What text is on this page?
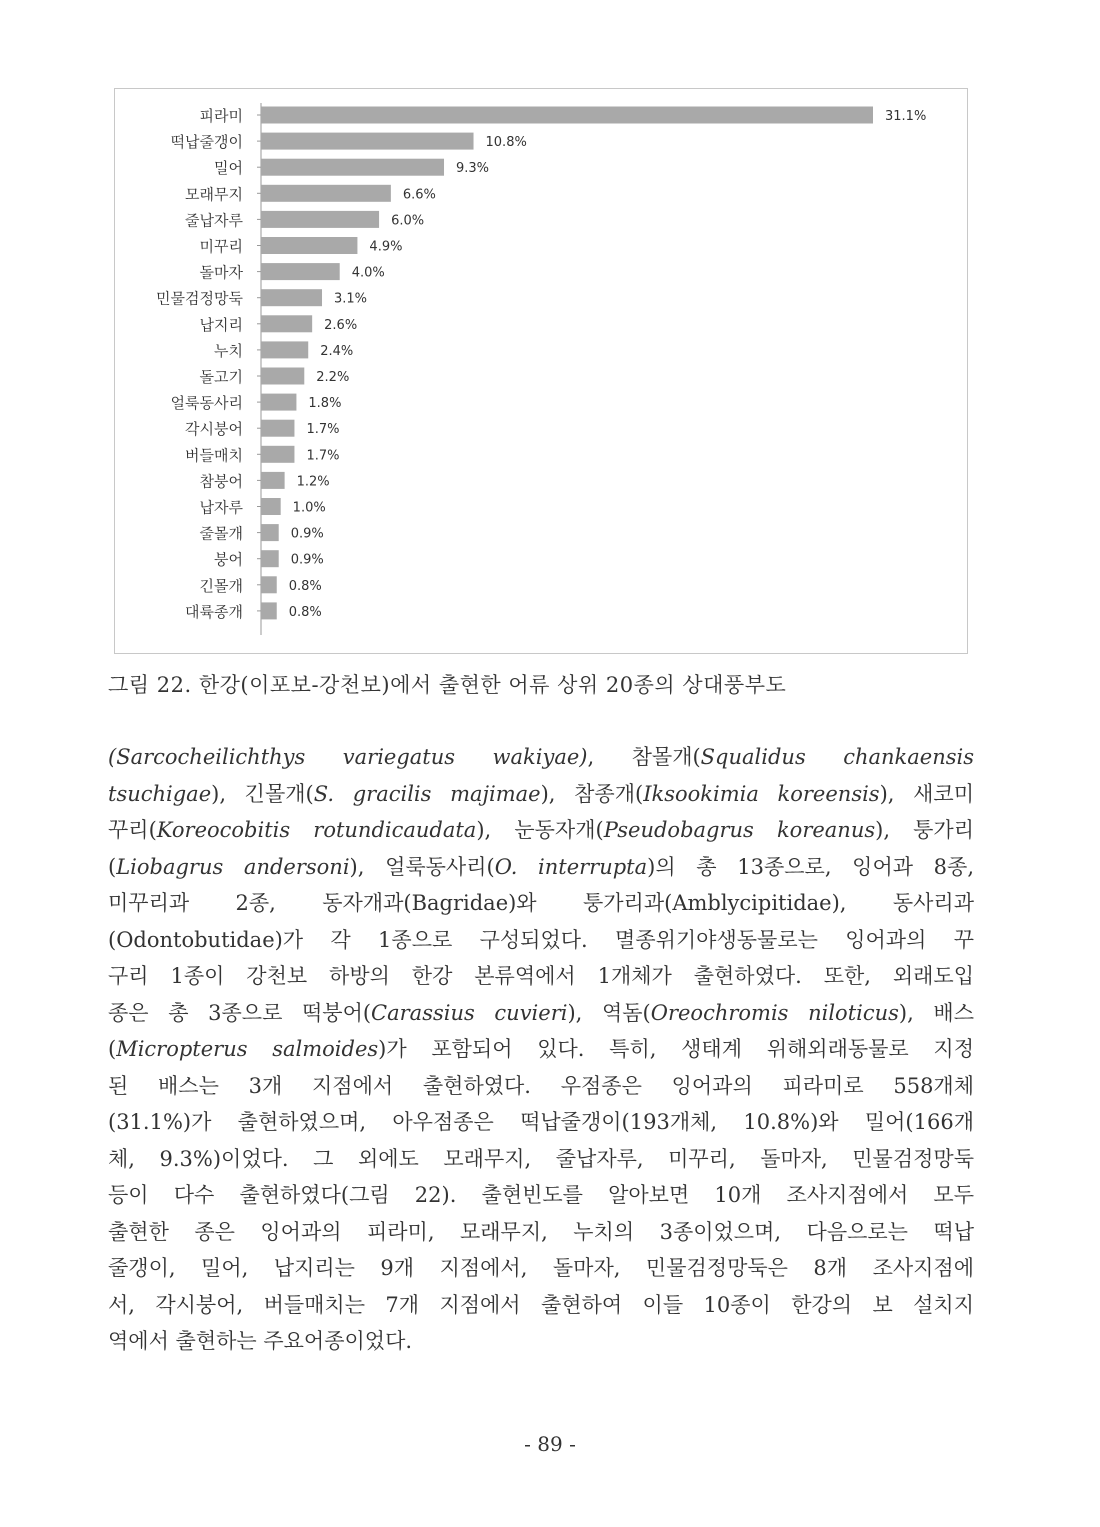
피라미	31.1%
떡납줄갱이	10.8%
밀어	9.3%
모래무지	6.6%
줄납자루	6.0%
미꾸리	4.9%
돌마자	4.0%
민물검정망둑	3.1%
납지리	2.6%
누치	2.4%
돌고기	2.2%
얼룩동사리	1.8%
각시붕어	1.7%
버들매치	1.7%
참붕어	1.2%
납자루	1.0%
줄몰개	0.9%
붕어	0.9%
긴몰개	0.8%
대륙종개	0.8%
그림 22. 한강(이포보-강천보)에서 출현한 어류 상위 20종의 상대풍부도
(Sarcocheilichthys variegatus wakiyae), 참몰개(Squalidus chankaensis
tsuchigae), 긴몰개(S. gracilis majimae), 참종개(Iksookimia koreensis), 새코미
꾸리(Koreocobitis rotundicaudata), 눈동자개(Pseudobagrus koreanus), 퉁가리
(Liobagrus andersoni), 얼룩동사리(O. interrupta)의 총 13종으로, 잉어과 8종,
미꾸리과 2종, 동자개과(Bagridae)와 퉁가리과(Amblycipitidae), 동사리과
(Odontobutidae)가 각 1종으로 구성되었다. 멸종위기야생동물로는 잉어과의 꾸
구리 1종이 강천보 하방의 한강 본류역에서 1개체가 출현하였다. 또한, 외래도입
종은 총 3종으로 떡붕어(Carassius cuvieri), 역돔(Oreochromis niloticus), 배스
(Micropterus salmoides)가 포함되어 있다. 특히, 생태계 위해외래동물로 지정
된 배스는 3개 지점에서 출현하였다. 우점종은 잉어과의 피라미로 558개체
(31.1%)가 출현하였으며, 아우점종은 떡납줄갱이(193개체, 10.8%)와 밀어(166개
체, 9.3%)이었다. 그 외에도 모래무지, 줄납자루, 미꾸리, 돌마자, 민물검정망둑
등이 다수 출현하였다(그림 22). 출현빈도를 알아보면 10개 조사지점에서 모두
출현한 종은 잉어과의 피라미, 모래무지, 누치의 3종이었으며, 다음으로는 떡납
줄갱이, 밀어, 납지리는 9개 지점에서, 돌마자, 민물검정망둑은 8개 조사지점에
서, 각시붕어, 버들매치는 7개 지점에서 출현하여 이들 10종이 한강의 보 설치지
역에서 출현하는 주요어종이었다.
- 89 -
